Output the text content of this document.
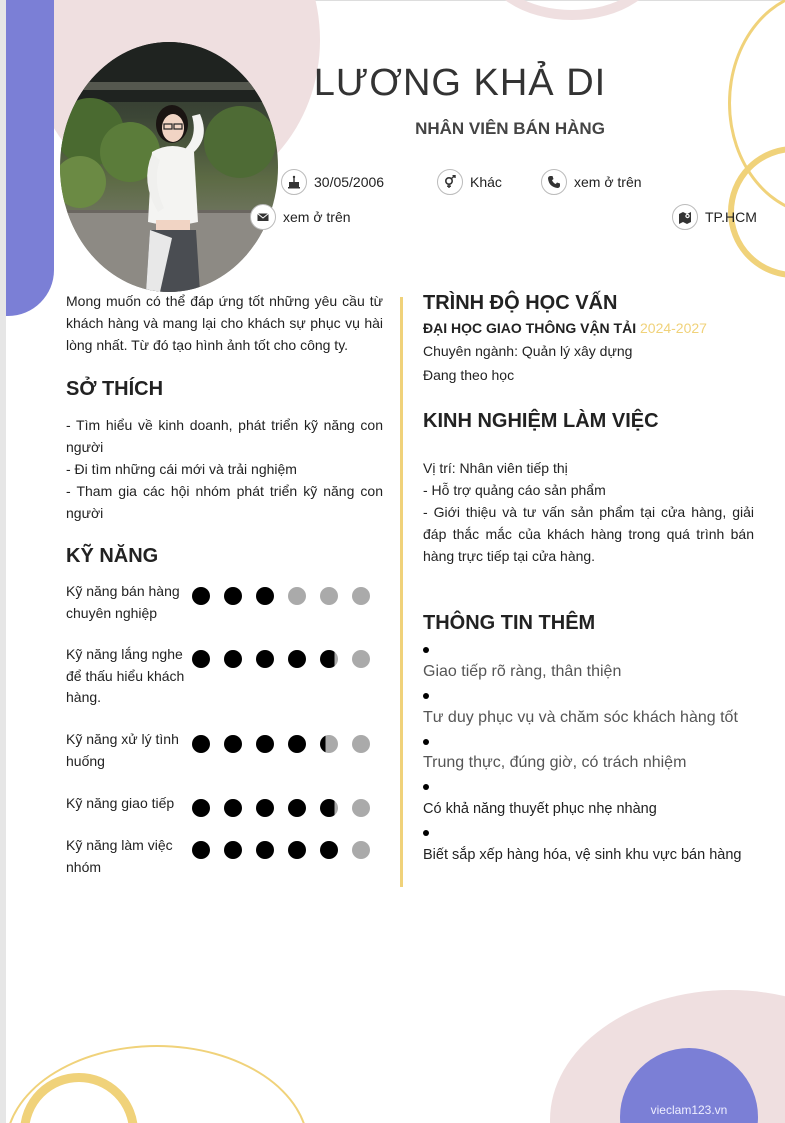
LƯƠNG KHẢ DI
NHÂN VIÊN BÁN HÀNG
30/05/2006	Khác	xem ở trên
xem ở trên	TP.HCM
Mong muốn có thể đáp ứng tốt những yêu cầu từ khách hàng và mang lại cho khách sự phục vụ hài lòng nhất. Từ đó tạo hình ảnh tốt cho công ty.
SỞ THÍCH
- Tìm hiểu về kinh doanh, phát triển kỹ năng con người
- Đi tìm những cái mới và trải nghiệm
- Tham gia các hội nhóm phát triển kỹ năng con người
KỸ NĂNG
Kỹ năng bán hàng chuyên nghiệp
Kỹ năng lắng nghe để thấu hiểu khách hàng.
Kỹ năng xử lý tình huống
Kỹ năng giao tiếp
Kỹ năng làm việc nhóm
TRÌNH ĐỘ HỌC VẤN
ĐẠI HỌC GIAO THÔNG VẬN TẢI 2024-2027
Chuyên ngành: Quản lý xây dựng
Đang theo học
KINH NGHIỆM LÀM VIỆC
Vị trí: Nhân viên tiếp thị
- Hỗ trợ quảng cáo sản phẩm
- Giới thiệu và tư vấn sản phẩm tại cửa hàng, giải đáp thắc mắc của khách hàng trong quá trình bán hàng trực tiếp tại cửa hàng.
THÔNG TIN THÊM
Giao tiếp rõ ràng, thân thiện
Tư duy phục vụ và chăm sóc khách hàng tốt
Trung thực, đúng giờ, có trách nhiệm
Có khả năng thuyết phục nhẹ nhàng
Biết sắp xếp hàng hóa, vệ sinh khu vực bán hàng
vieclam123.vn
